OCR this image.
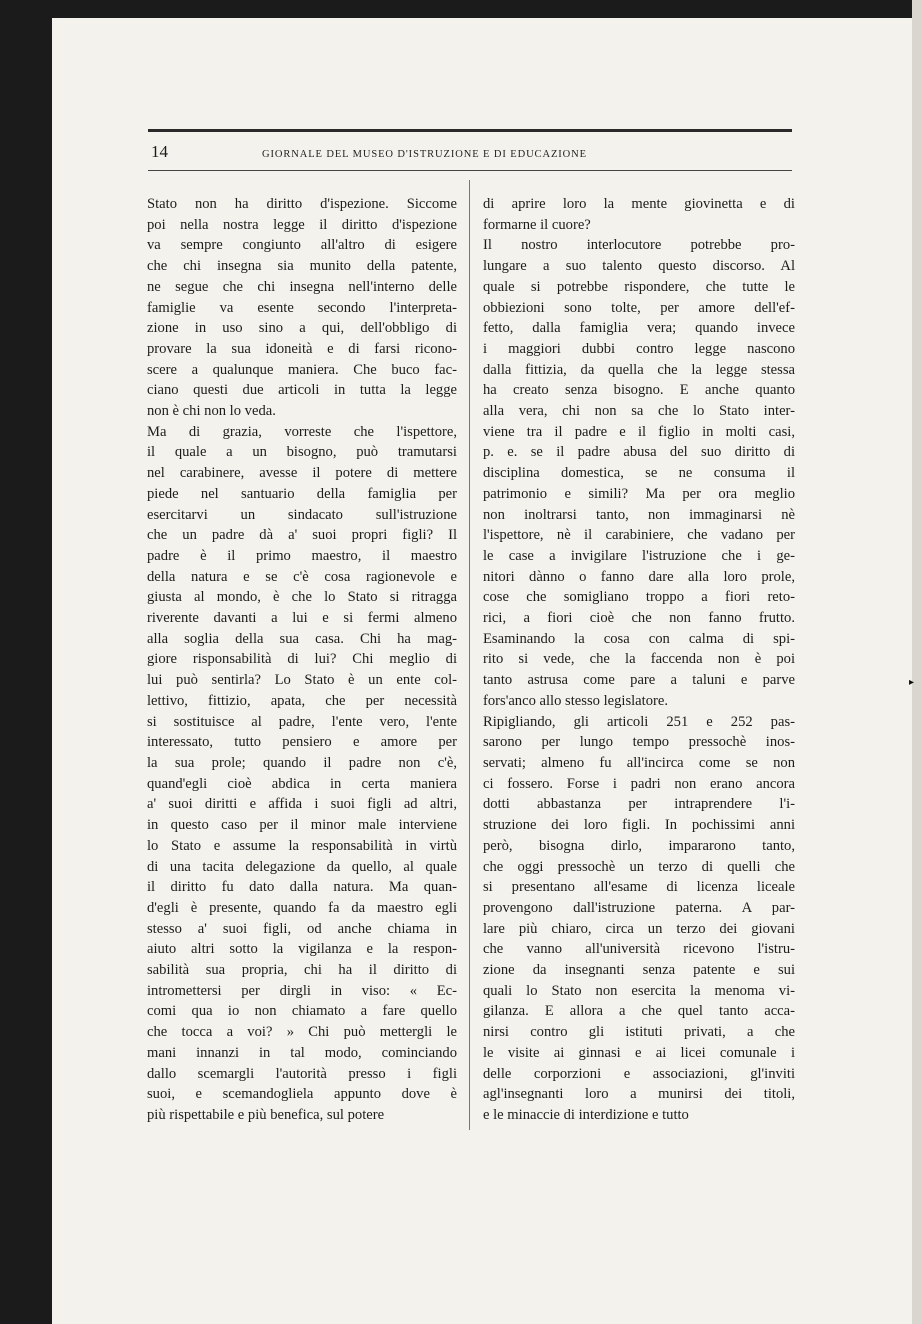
14	GIORNALE DEL MUSEO D'ISTRUZIONE E DI EDUCAZIONE
Stato non ha diritto d'ispezione. Siccome
poi nella nostra legge il diritto d'ispezione
va sempre congiunto all'altro di esigere
che chi insegna sia munito della patente,
ne segue che chi insegna nell'interno delle
famiglie va esente secondo l'interpreta-
zione in uso sino a qui, dell'obbligo di
provare la sua idoneità e di farsi ricono-
scere a qualunque maniera. Che buco fac-
ciano questi due articoli in tutta la legge
non è chi non lo veda.
Ma di grazia, vorreste che l'ispettore,
il quale a un bisogno, può tramutarsi
nel carabinere, avesse il potere di mettere
piede nel santuario della famiglia per
esercitarvi un sindacato sull'istruzione
che un padre dà a' suoi propri figli? Il
padre è il primo maestro, il maestro
della natura e se c'è cosa ragionevole e
giusta al mondo, è che lo Stato si ritragga
riverente davanti a lui e si fermi almeno
alla soglia della sua casa. Chi ha mag-
giore risponsabilità di lui? Chi meglio di
lui può sentirla? Lo Stato è un ente col-
lettivo, fittizio, apata, che per necessità
si sostituisce al padre, l'ente vero, l'ente
interessato, tutto pensiero e amore per
la sua prole; quando il padre non c'è,
quand'egli cioè abdica in certa maniera
a' suoi diritti e affida i suoi figli ad altri,
in questo caso per il minor male interviene
lo Stato e assume la responsabilità in virtù
di una tacita delegazione da quello, al quale
il diritto fu dato dalla natura. Ma quan-
d'egli è presente, quando fa da maestro egli
stesso a' suoi figli, od anche chiama in
aiuto altri sotto la vigilanza e la respon-
sabilità sua propria, chi ha il diritto di
intromettersi per dirgli in viso: « Ec-
comi qua io non chiamato a fare quello
che tocca a voi? » Chi può mettergli le
mani innanzi in tal modo, cominciando
dallo scemargli l'autorità presso i figli
suoi, e scemandogliela appunto dove è
più rispettabile e più benefica, sul potere
di aprire loro la mente giovinetta e di
formarne il cuore?
Il nostro interlocutore potrebbe pro-
lungare a suo talento questo discorso. Al
quale si potrebbe rispondere, che tutte le
obbiezioni sono tolte, per amore dell'ef-
fetto, dalla famiglia vera; quando invece
i maggiori dubbi contro legge nascono
dalla fittizia, da quella che la legge stessa
ha creato senza bisogno. E anche quanto
alla vera, chi non sa che lo Stato inter-
viene tra il padre e il figlio in molti casi,
p. e. se il padre abusa del suo diritto di
disciplina domestica, se ne consuma il
patrimonio e simili? Ma per ora meglio
non inoltrarsi tanto, non immaginarsi nè
l'ispettore, nè il carabiniere, che vadano per
le case a invigilare l'istruzione che i ge-
nitori dànno o fanno dare alla loro prole,
cose che somigliano troppo a fiori reto-
rici, a fiori cioè che non fanno frutto.
Esaminando la cosa con calma di spi-
rito si vede, che la faccenda non è poi
tanto astrusa come pare a taluni e parve
fors'anco allo stesso legislatore.
Ripigliando, gli articoli 251 e 252 pas-
sarono per lungo tempo pressochè inos-
servati; almeno fu all'incirca come se non
ci fossero. Forse i padri non erano ancora
dotti abbastanza per intraprendere l'i-
struzione dei loro figli. In pochissimi anni
però, bisogna dirlo, impararono tanto,
che oggi pressochè un terzo di quelli che
si presentano all'esame di licenza liceale
provengono dall'istruzione paterna. A par-
lare più chiaro, circa un terzo dei giovani
che vanno all'università ricevono l'istru-
zione da insegnanti senza patente e sui
quali lo Stato non esercita la menoma vi-
gilanza. E allora a che quel tanto acca-
nirsi contro gli istituti privati, a che
le visite ai ginnasi e ai licei comunale i
delle corporzioni e associazioni, gl'inviti
agl'insegnanti loro a munirsi dei titoli,
e le minaccie di interdizione e tutto
▸
